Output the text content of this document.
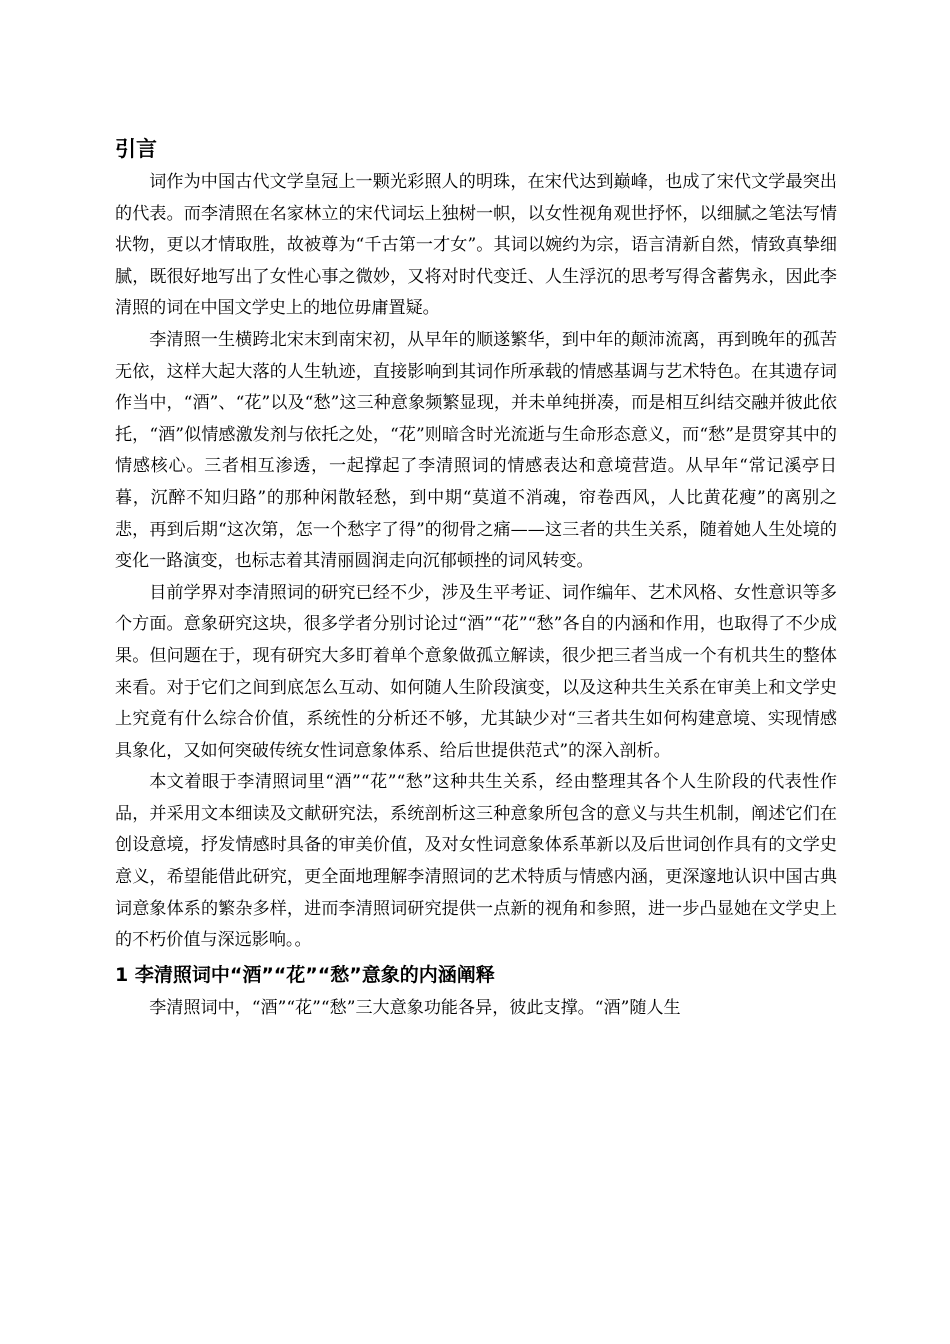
引言

词作为中国古代文学皇冠上一颗光彩照人的明珠，在宋代达到巅峰，也成了宋代文学最突出的代表。而李清照在名家林立的宋代词坛上独树一帜，以女性视角观世抒怀，以细腻之笔法写情状物，更以才情取胜，故被尊为“千古第一才女”。其词以婉约为宗，语言清新自然，情致真挚细腻，既很好地写出了女性心事之微妙，又将对时代变迁、人生浮沉的思考写得含蓄隽永，因此李清照的词在中国文学史上的地位毋庸置疑。

李清照一生横跨北宋末到南宋初，从早年的顺遂繁华，到中年的颠沛流离，再到晚年的孤苦无依，这样大起大落的人生轨迹，直接影响到其词作所承载的情感基调与艺术特色。在其遗存词作当中，“酒”、“花”以及“愁”这三种意象频繁显现，并未单纯拼凑，而是相互纠结交融并彼此依托，“酒”似情感激发剂与依托之处，“花”则暗含时光流逝与生命形态意义，而“愁”是贯穿其中的情感核心。三者相互渗透，一起撑起了李清照词的情感表达和意境营造。从早年“常记溪亭日暮，沉醉不知归路”的那种闲散轻愁，到中期“莫道不消魂，帘卷西风，人比黄花瘦”的离别之悲，再到后期“这次第，怎一个愁字了得”的彻骨之痛——这三者的共生关系，随着她人生处境的变化一路演变，也标志着其清丽圆润走向沉郁顿挫的词风转变。

目前学界对李清照词的研究已经不少，涉及生平考证、词作编年、艺术风格、女性意识等多个方面。意象研究这块，很多学者分别讨论过“酒”“花”“愁”各自的内涵和作用，也取得了不少成果。但问题在于，现有研究大多盯着单个意象做孤立解读，很少把三者当成一个有机共生的整体来看。对于它们之间到底怎么互动、如何随人生阶段演变，以及这种共生关系在审美上和文学史上究竟有什么综合价值，系统性的分析还不够，尤其缺少对“三者共生如何构建意境、实现情感具象化，又如何突破传统女性词意象体系、给后世提供范式”的深入剖析。

本文着眼于李清照词里“酒”“花”“愁”这种共生关系，经由整理其各个人生阶段的代表性作品，并采用文本细读及文献研究法，系统剖析这三种意象所包含的意义与共生机制，阐述它们在创设意境，抒发情感时具备的审美价值，及对女性词意象体系革新以及后世词创作具有的文学史意义，希望能借此研究，更全面地理解李清照词的艺术特质与情感内涵，更深邃地认识中国古典词意象体系的繁杂多样，进而李清照词研究提供一点新的视角和参照，进一步凸显她在文学史上的不朽价值与深远影响。。

1 李清照词中“酒”“花”“愁”意象的内涵阐释

李清照词中，“酒”“花”“愁”三大意象功能各异，彼此支撑。“酒”随人生
